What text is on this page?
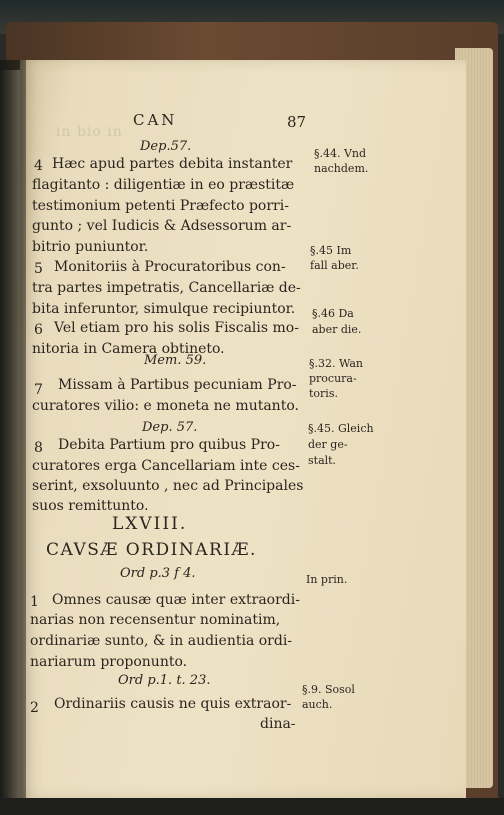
in bio in
CAN	87
Dep.57.
4 Hæc apud partes debita instanter
flagitanto : diligentiæ in eo præstitæ
testimonium petenti Præfecto porri-
gunto ; vel Iudicis & Adsessorum ar-
bitrio puniuntor.
5 Monitoriis à Procuratoribus con-
tra partes impetratis, Cancellariæ de-
bita inferuntor, simulque recipiuntor.
6 Vel etiam pro his solis Fiscalis mo-
nitoria in Camera obtineto.
Mem. 59.
7 Missam à Partibus pecuniam Pro-
curatores vilio: e moneta ne mutanto.
Dep. 57.
8 Debita Partium pro quibus Pro-
curatores erga Cancellariam inte ces-
serint, exsoluunto , nec ad Principales
suos remittunto.
LXVIII.
CAVSÆ ORDINARIÆ.
Ord p.3 f 4.
1 Omnes causæ quæ inter extraordi-
narias non recensentur nominatim,
ordinariæ sunto, & in audientia ordi-
nariarum proponunto.
Ord p.1. t. 23.
2 Ordinariis causis ne quis extraor-
dina-
§.44. Vnd
nachdem.
§.45 Im
fall aber.
§.46 Da
aber die.
§.32. Wan
procura-
toris.
§.45. Gleich
der ge-
stalt.
In prin.
§.9. Sosol
auch.
